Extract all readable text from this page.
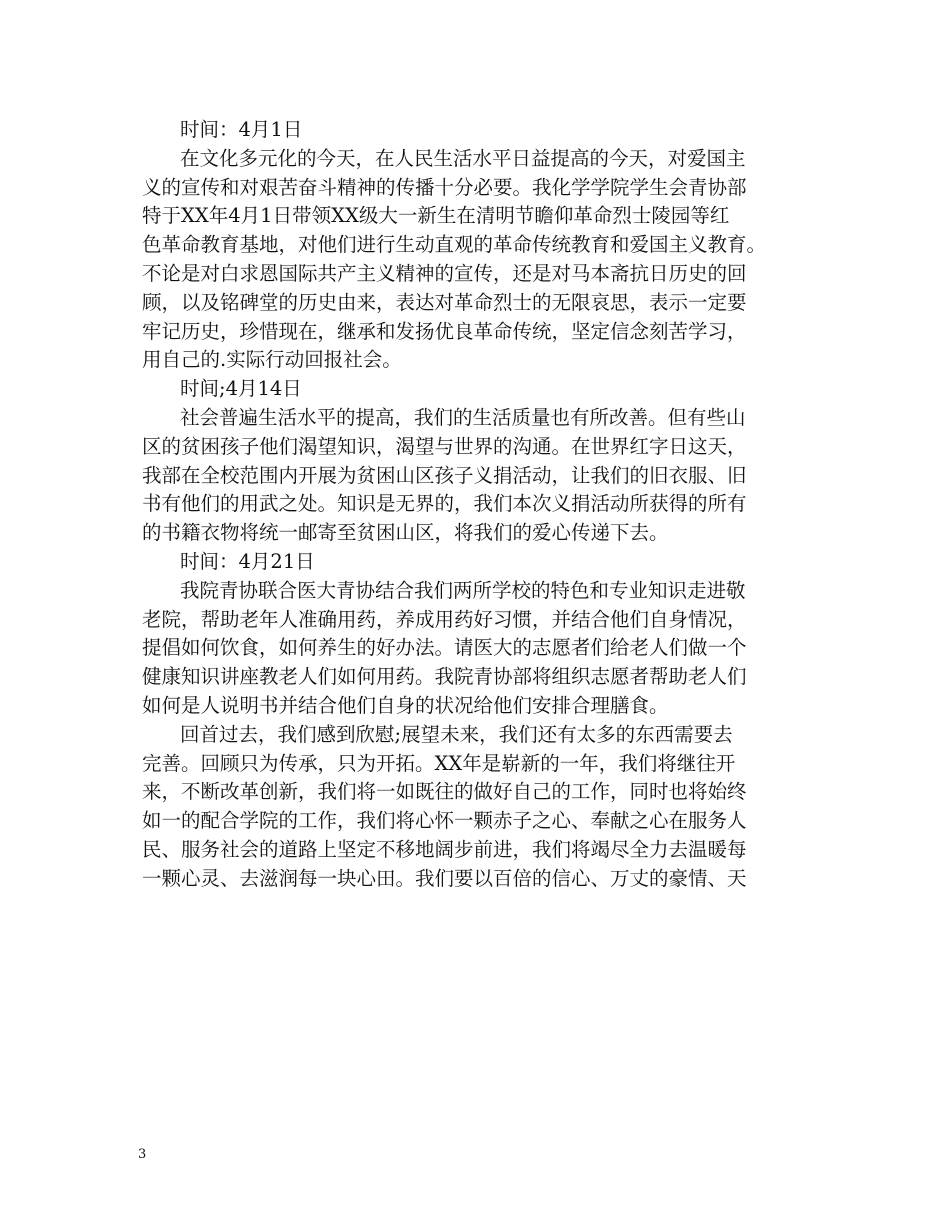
时间：4月1日
在文化多元化的今天，在人民生活水平日益提高的今天，对爱国主
义的宣传和对艰苦奋斗精神的传播十分必要。我化学学院学生会青协部
特于XX年4月1日带领XX级大一新生在清明节瞻仰革命烈士陵园等红
色革命教育基地，对他们进行生动直观的革命传统教育和爱国主义教育。
不论是对白求恩国际共产主义精神的宣传，还是对马本斋抗日历史的回
顾，以及铭碑堂的历史由来，表达对革命烈士的无限哀思，表示一定要
牢记历史，珍惜现在，继承和发扬优良革命传统，坚定信念刻苦学习，
用自己的.实际行动回报社会。
时间;4月14日
社会普遍生活水平的提高，我们的生活质量也有所改善。但有些山
区的贫困孩子他们渴望知识，渴望与世界的沟通。在世界红字日这天，
我部在全校范围内开展为贫困山区孩子义捐活动，让我们的旧衣服、旧
书有他们的用武之处。知识是无界的，我们本次义捐活动所获得的所有
的书籍衣物将统一邮寄至贫困山区，将我们的爱心传递下去。
时间：4月21日
我院青协联合医大青协结合我们两所学校的特色和专业知识走进敬
老院，帮助老年人准确用药，养成用药好习惯，并结合他们自身情况，
提倡如何饮食，如何养生的好办法。请医大的志愿者们给老人们做一个
健康知识讲座教老人们如何用药。我院青协部将组织志愿者帮助老人们
如何是人说明书并结合他们自身的状况给他们安排合理膳食。
回首过去，我们感到欣慰;展望未来，我们还有太多的东西需要去
完善。回顾只为传承，只为开拓。XX年是崭新的一年，我们将继往开
来，不断改革创新，我们将一如既往的做好自己的工作，同时也将始终
如一的配合学院的工作，我们将心怀一颗赤子之心、奉献之心在服务人
民、服务社会的道路上坚定不移地阔步前进，我们将竭尽全力去温暖每
一颗心灵、去滋润每一块心田。我们要以百倍的信心、万丈的豪情、天
3
